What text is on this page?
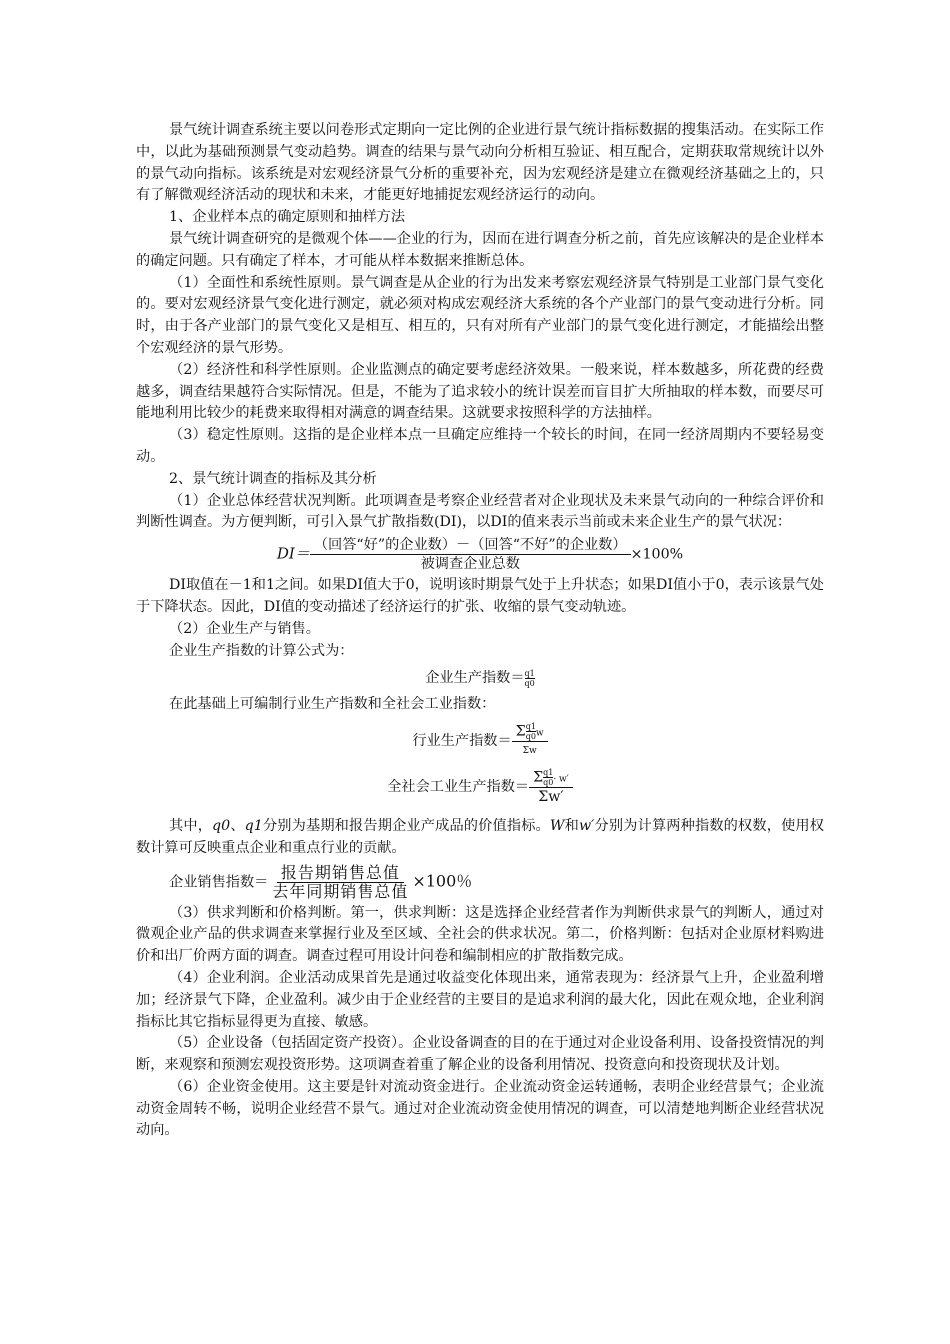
景气统计调查系统主要以问卷形式定期向一定比例的企业进行景气统计指标数据的搜集活动。在实际工作中，以此为基础预测景气变动趋势。调查的结果与景气动向分析相互验证、相互配合，定期获取常规统计以外的景气动向指标。该系统是对宏观经济景气分析的重要补充，因为宏观经济是建立在微观经济基础之上的，只有了解微观经济活动的现状和未来，才能更好地捕捉宏观经济运行的动向。

1、企业样本点的确定原则和抽样方法

景气统计调查研究的是微观个体——企业的行为，因而在进行调查分析之前，首先应该解决的是企业样本的确定问题。只有确定了样本，才可能从样本数据来推断总体。

（1）全面性和系统性原则。景气调查是从企业的行为出发来考察宏观经济景气特别是工业部门景气变化的。要对宏观经济景气变化进行测定，就必须对构成宏观经济大系统的各个产业部门的景气变动进行分析。同时，由于各产业部门的景气变化又是相互、相互的，只有对所有产业部门的景气变化进行测定，才能描绘出整个宏观经济的景气形势。

（2）经济性和科学性原则。企业监测点的确定要考虑经济效果。一般来说，样本数越多，所花费的经费越多，调查结果越符合实际情况。但是，不能为了追求较小的统计误差而盲目扩大所抽取的样本数，而要尽可能地利用比较少的耗费来取得相对满意的调查结果。这就要求按照科学的方法抽样。

（3）稳定性原则。这指的是企业样本点一旦确定应维持一个较长的时间，在同一经济周期内不要轻易变动。

2、景气统计调查的指标及其分析

（1）企业总体经营状况判断。此项调查是考察企业经营者对企业现状及未来景气动向的一种综合评价和判断性调查。为方便判断，可引入景气扩散指数(DI)，以DI的值来表示当前或未来企业生产的景气状况：

$DI= \frac{\text{（回答“好”的企业数）－（回答“不好”的企业数）}}{\text{被调查企业总数}} \times 100\%$

DI取值在－1和1之间。如果DI值大于0，说明该时期景气处于上升状态；如果DI值小于0，表示该景气处于下降状态。因此，DI值的变动描述了经济运行的扩张、收缩的景气变动轨迹。

（2）企业生产与销售。

企业生产指数的计算公式为：

企业生产指数＝ $\frac{q1}{q0}$

在此基础上可编制行业生产指数和全社会工业指数：

行业生产指数＝ $\frac{\Sigma \frac{q1}{q0} w}{\Sigma w}$
全社会工业生产指数＝ $\frac{\Sigma \frac{q1}{q0} \cdot w'}{\Sigma w'}$

其中，q0、q1分别为基期和报告期企业产成品的价值指标。W和w′分别为计算两种指数的权数，使用权数计算可反映重点企业和重点行业的贡献。

企业销售指数＝ $\frac{\text{报告期销售总值}}{\text{去年同期销售总值}} \times 100$％

（3）供求判断和价格判断。第一，供求判断：这是选择企业经营者作为判断供求景气的判断人，通过对微观企业产品的供求调查来掌握行业及至区域、全社会的供求状况。第二，价格判断：包括对企业原材料购进价和出厂价两方面的调查。调查过程可用设计问卷和编制相应的扩散指数完成。

（4）企业利润。企业活动成果首先是通过收益变化体现出来，通常表现为：经济景气上升，企业盈利增加；经济景气下降，企业盈利。减少由于企业经营的主要目的是追求利润的最大化，因此在观众地，企业利润指标比其它指标显得更为直接、敏感。

（5）企业设备（包括固定资产投资）。企业设备调查的目的在于通过对企业设备利用、设备投资情况的判断，来观察和预测宏观投资形势。这项调查着重了解企业的设备利用情况、投资意向和投资现状及计划。

（6）企业资金使用。这主要是针对流动资金进行。企业流动资金运转通畅，表明企业经营景气；企业流动资金周转不畅，说明企业经营不景气。通过对企业流动资金使用情况的调查，可以清楚地判断企业经营状况动向。
